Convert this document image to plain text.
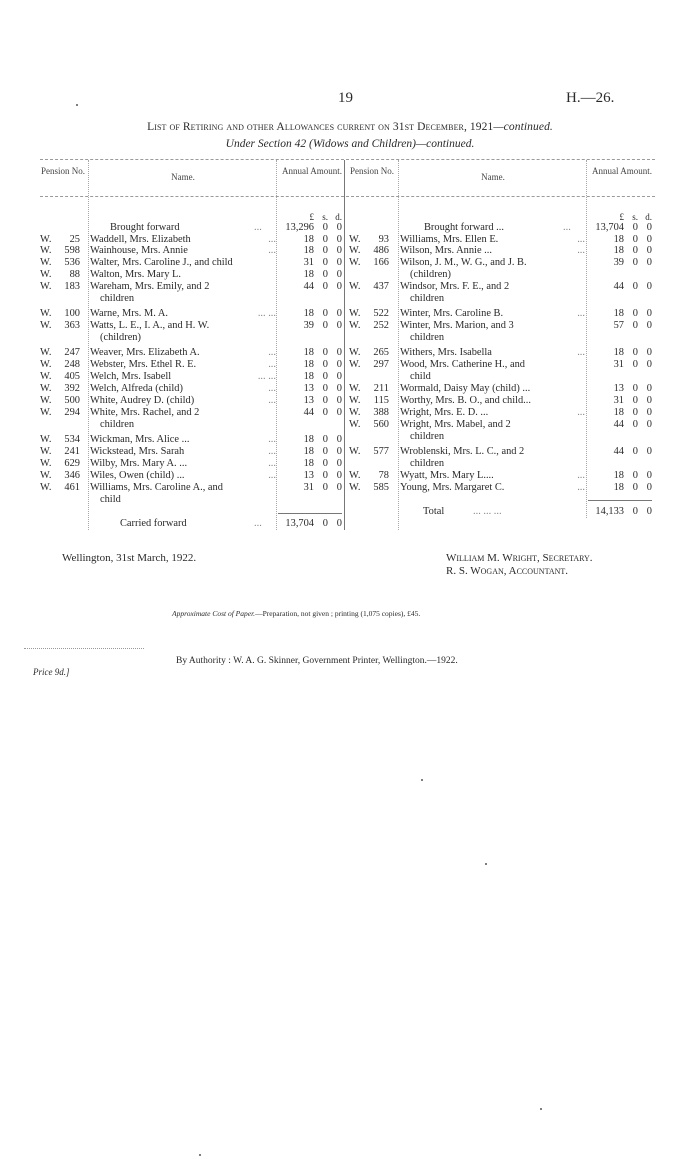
19	H.—26.
List of Retiring and other Allowances current on 31st December, 1921—continued.
Under Section 42 (Widows and Children)—continued.
Pension No.
Name.
Annual Amount. Pension No.
Name.
Annual Amount.
£ s. d.	£ s. d.
Brought forward	...	13,296 0 0	Brought forward ...	...	13,704 0 0
W. 25 Waddell, Mrs. Elizabeth	...	18 0 0
W. 598 Wainhouse, Mrs. Annie	...	18 0 0
W. 536 Walter, Mrs. Caroline J., and child	31 0 0
W. 88 Walton, Mrs. Mary L.	18 0 0
W. 183 Wareham, Mrs. Emily, and 2	44 0 0
children
W. 100 Warne, Mrs. M. A.	... ...	18 0 0
W. 363 Watts, L. E., I. A., and H. W.	39 0 0
(children)
W. 247 Weaver, Mrs. Elizabeth A.	...	18 0 0
W. 248 Webster, Mrs. Ethel R. E.	...	18 0 0
W. 405 Welch, Mrs. Isabell	... ...	18 0 0
W. 392 Welch, Alfreda (child)	...	13 0 0
W. 500 White, Audrey D. (child)	...	13 0 0
W. 294 White, Mrs. Rachel, and 2	44 0 0
children
W. 534 Wickman, Mrs. Alice ...	...	18 0 0
W. 241 Wickstead, Mrs. Sarah	...	18 0 0
W. 629 Wilby, Mrs. Mary A. ...	...	18 0 0
W. 346 Wiles, Owen (child) ...	...	13 0 0
W. 461 Williams, Mrs. Caroline A., and	31 0 0
child
W. 93 Williams, Mrs. Ellen E.	...	18 0 0
W. 486 Wilson, Mrs. Annie ...	...	18 0 0
W. 166 Wilson, J. M., W. G., and J. B.	39 0 0
(children)
W. 437 Windsor, Mrs. F. E., and 2	44 0 0
children
W. 522 Winter, Mrs. Caroline B.	...	18 0 0
W. 252 Winter, Mrs. Marion, and 3	57 0 0
children
W. 265 Withers, Mrs. Isabella	...	18 0 0
W. 297 Wood, Mrs. Catherine H., and	31 0 0
child
W. 211 Wormald, Daisy May (child) ...	13 0 0
W. 115 Worthy, Mrs. B. O., and child...	31 0 0
W. 388 Wright, Mrs. E. D. ...	...	18 0 0
W. 560 Wright, Mrs. Mabel, and 2	44 0 0
children
W. 577 Wroblenski, Mrs. L. C., and 2	44 0 0
children
W. 78 Wyatt, Mrs. Mary L....	...	18 0 0
W. 585 Young, Mrs. Margaret C.	...	18 0 0
Carried forward	...	13,704 0 0
Total	... ... ...	14,133 0 0
Wellington, 31st March, 1922.	William M. Wright, Secretary.
R. S. Wogan, Accountant.
Approximate Cost of Paper.—Preparation, not given ; printing (1,075 copies), £45.
By Authority : W. A. G. Skinner, Government Printer, Wellington.—1922.
Price 9d.]
